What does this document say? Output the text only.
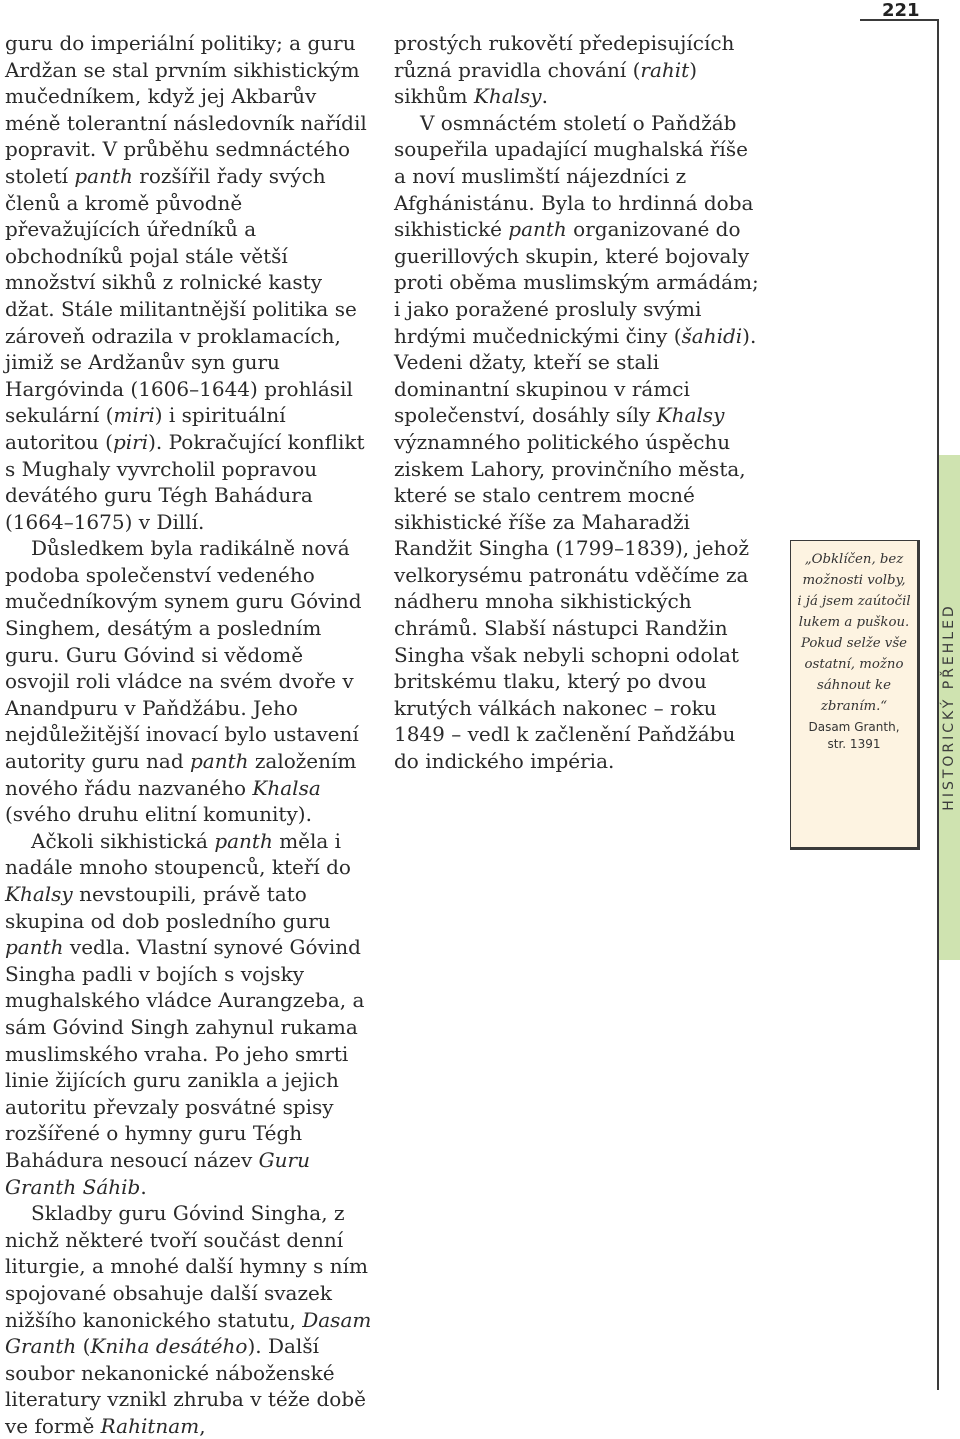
221
HISTORICKÝ PŘEHLED

guru do imperiální politiky; a guru Ardžan se stal prvním sikhistickým mučedníkem, když jej Akbarův méně tolerantní následovník nařídil popravit. V průběhu sedmnáctého století panth rozšířil řady svých členů a kromě původně převažujících úředníků a obchodníků pojal stále větší množství sikhů z rolnické kasty džat. Stále militantnější politika se zároveň odrazila v proklamacích, jimiž se Ardžanův syn guru Hargóvinda (1606–1644) prohlásil sekulární (miri) i spirituální autoritou (piri). Pokračující konflikt s Mughaly vyvrcholil popravou devátého guru Tégh Bahádura (1664–1675) v Dillí.

Důsledkem byla radikálně nová podoba společenství vedeného mučedníkovým synem guru Góvind Singhem, desátým a posledním guru. Guru Góvind si vědomě osvojil roli vládce na svém dvoře v Anandpuru v Paňdžábu. Jeho nejdůležitější inovací bylo ustavení autority guru nad panth založením nového řádu nazvaného Khalsa (svého druhu elitní komunity).

Ačkoli sikhistická panth měla i nadále mnoho stoupenců, kteří do Khalsy nevstoupili, právě tato skupina od dob posledního guru panth vedla. Vlastní synové Góvind Singha padli v bojích s vojsky mughalského vládce Aurangzeba, a sám Góvind Singh zahynul rukama muslimského vraha. Po jeho smrti linie žijících guru zanikla a jejich autoritu převzaly posvátné spisy rozšířené o hymny guru Tégh Bahádura nesoucí název Guru Granth Sáhib.

Skladby guru Góvind Singha, z nichž některé tvoří součást denní liturgie, a mnohé další hymny s ním spojované obsahuje další svazek nižšího kanonického statutu, Dasam Granth (Kniha desátého). Další soubor nekanonické náboženské literatury vznikl zhruba v téže době ve formě Rahitnam,

prostých rukovětí předepisujících různá pravidla chování (rahit) sikhům Khalsy.

V osmnáctém století o Paňdžáb soupeřila upadající mughalská říše a noví muslimští nájezdníci z Afghánistánu. Byla to hrdinná doba sikhistické panth organizované do guerillových skupin, které bojovaly proti oběma muslimským armádám; i jako poražené prosluly svými hrdými mučednickými činy (šahidi). Vedeni džaty, kteří se stali dominantní skupinou v rámci společenství, dosáhly síly Khalsy významného politického úspěchu ziskem Lahory, provinčního města, které se stalo centrem mocné sikhistické říše za Maharadži Randžit Singha (1799–1839), jehož velkorysému patronátu vděčíme za nádheru mnoha sikhistických chrámů. Slabší nástupci Randžin Singha však nebyli schopni odolat britskému tlaku, který po dvou krutých válkách nakonec – roku 1849 – vedl k začlenění Paňdžábu do indického impéria.

„Obklíčen, bez
možnosti volby,
i já jsem zaútočil
lukem a puškou.
Pokud selže vše
ostatní, možno
sáhnout ke
zbraním.“
Dasam Granth,
str. 1391
